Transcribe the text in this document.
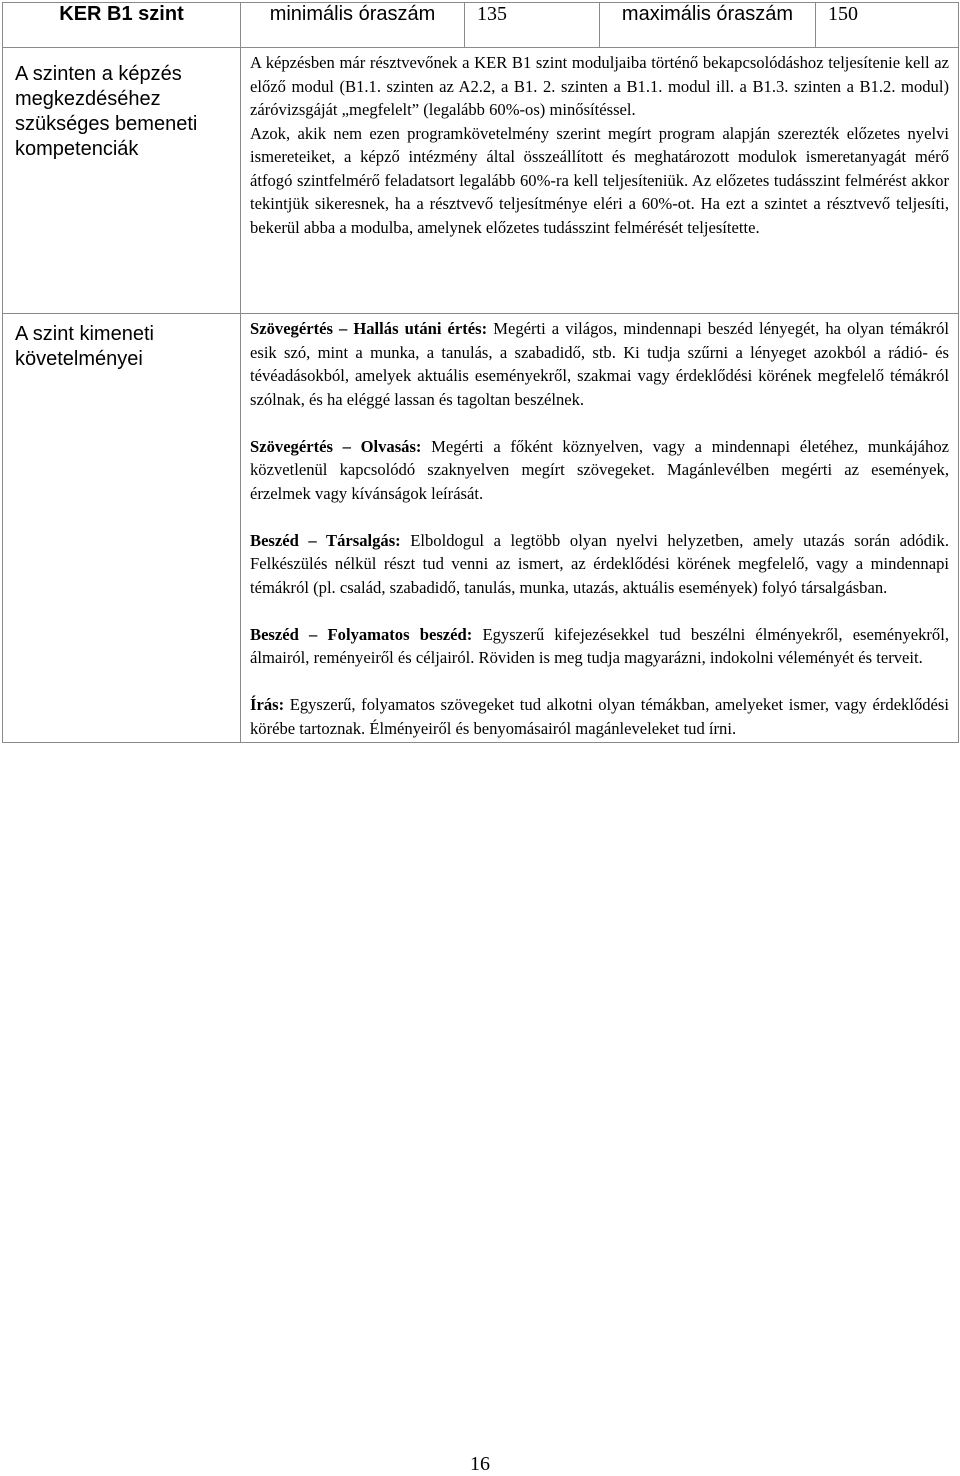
KER B1 szint	minimális óraszám	135	maximális óraszám	150
A szinten a képzés megkezdéséhez szükséges bemeneti kompetenciák	A képzésben már résztvevőnek a KER B1 szint moduljaiba történő bekapcsolódáshoz teljesítenie kell az előző modul (B1.1. szinten az A2.2, a B1. 2. szinten a B1.1. modul ill. a B1.3. szinten a B1.2. modul) záróvizsgáját „megfelelt” (legalább 60%-os) minősítéssel.

Azok, akik nem ezen programkövetelmény szerint megírt program alapján szerezték előzetes nyelvi ismereteiket, a képző intézmény által összeállított és meghatározott modulok ismeretanyagát mérő átfogó szintfelmérő feladatsort legalább 60%-ra kell teljesíteniük. Az előzetes tudásszint felmérést akkor tekintjük sikeresnek, ha a résztvevő teljesítménye eléri a 60%-ot. Ha ezt a szintet a résztvevő teljesíti, bekerül abba a modulba, amelynek előzetes tudásszint felmérését teljesítette.			

A szint kimeneti követelményei	Szövegértés – Hallás utáni értés: Megérti a világos, mindennapi beszéd lényegét, ha olyan témákról esik szó, mint a munka, a tanulás, a szabadidő, stb. Ki tudja szűrni a lényeget azokból a rádió- és tévéadásokból, amelyek aktuális eseményekről, szakmai vagy érdeklődési körének megfelelő témákról szólnak, és ha eléggé lassan és tagoltan beszélnek.

Szövegértés – Olvasás: Megérti a főként köznyelven, vagy a mindennapi életéhez, munkájához közvetlenül kapcsolódó szaknyelven megírt szövegeket. Magánlevélben megérti az események, érzelmek vagy kívánságok leírását.

Beszéd – Társalgás: Elboldogul a legtöbb olyan nyelvi helyzetben, amely utazás során adódik. Felkészülés nélkül részt tud venni az ismert, az érdeklődési körének megfelelő, vagy a mindennapi témákról (pl. család, szabadidő, tanulás, munka, utazás, aktuális események) folyó társalgásban.

Beszéd – Folyamatos beszéd: Egyszerű kifejezésekkel tud beszélni élményekről, eseményekről, álmairól, reményeiről és céljairól. Röviden is meg tudja magyarázni, indokolni véleményét és terveit.

Írás: Egyszerű, folyamatos szövegeket tud alkotni olyan témákban, amelyeket ismer, vagy érdeklődési körébe tartoznak. Élményeiről és benyomásairól magánleveleket tud írni.			

16
